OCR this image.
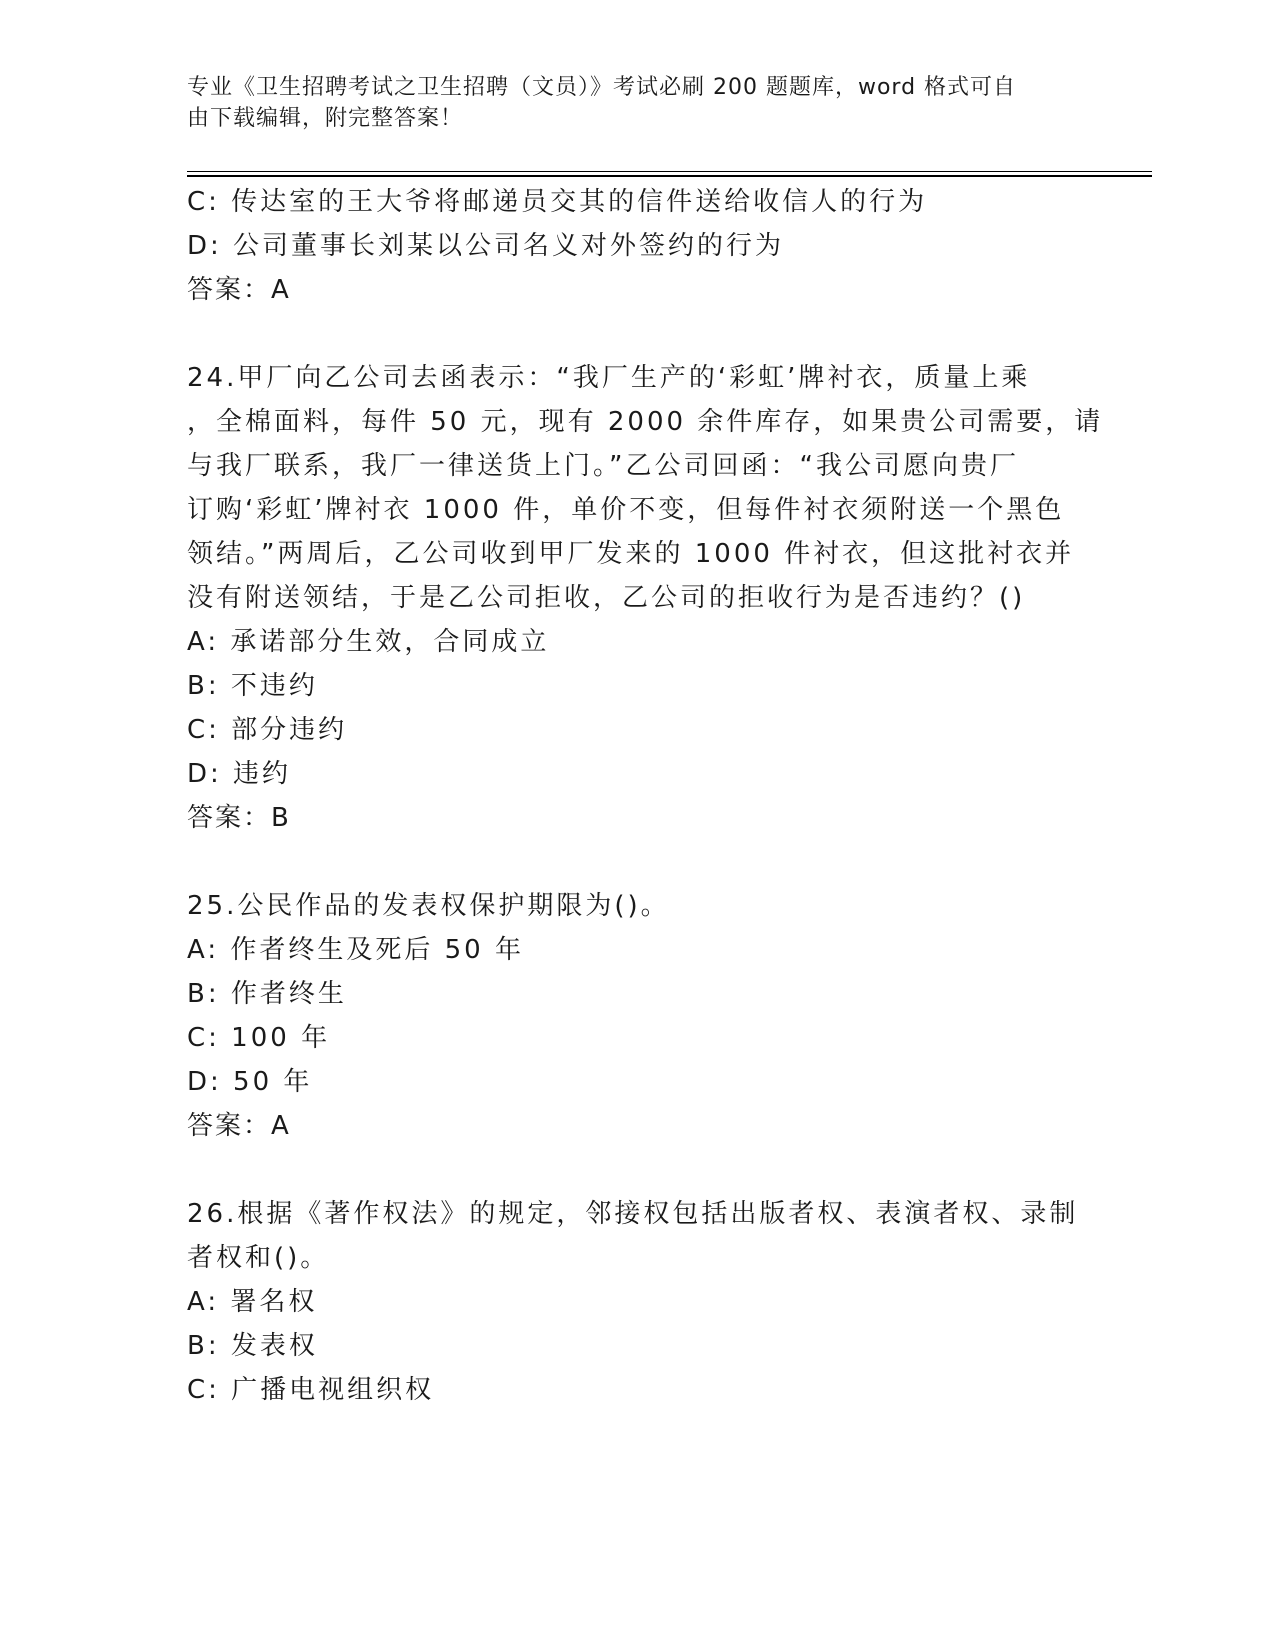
专业《卫生招聘考试之卫生招聘（文员）》考试必刷 200 题题库，word 格式可自
由下载编辑，附完整答案！
C: 传达室的王大爷将邮递员交其的信件送给收信人的行为
D: 公司董事长刘某以公司名义对外签约的行为
答案：A
24.甲厂向乙公司去函表示：“我厂生产的‘彩虹’牌衬衣，质量上乘
，全棉面料，每件 50 元，现有 2000 余件库存，如果贵公司需要，请
与我厂联系，我厂一律送货上门。”乙公司回函：“我公司愿向贵厂
订购‘彩虹’牌衬衣 1000 件，单价不变，但每件衬衣须附送一个黑色
领结。”两周后，乙公司收到甲厂发来的 1000 件衬衣，但这批衬衣并
没有附送领结，于是乙公司拒收，乙公司的拒收行为是否违约？()
A: 承诺部分生效，合同成立
B: 不违约
C: 部分违约
D: 违约
答案：B
25.公民作品的发表权保护期限为()。
A: 作者终生及死后 50 年
B: 作者终生
C: 100 年
D: 50 年
答案：A
26.根据《著作权法》的规定，邻接权包括出版者权、表演者权、录制
者权和()。
A: 署名权
B: 发表权
C: 广播电视组织权
